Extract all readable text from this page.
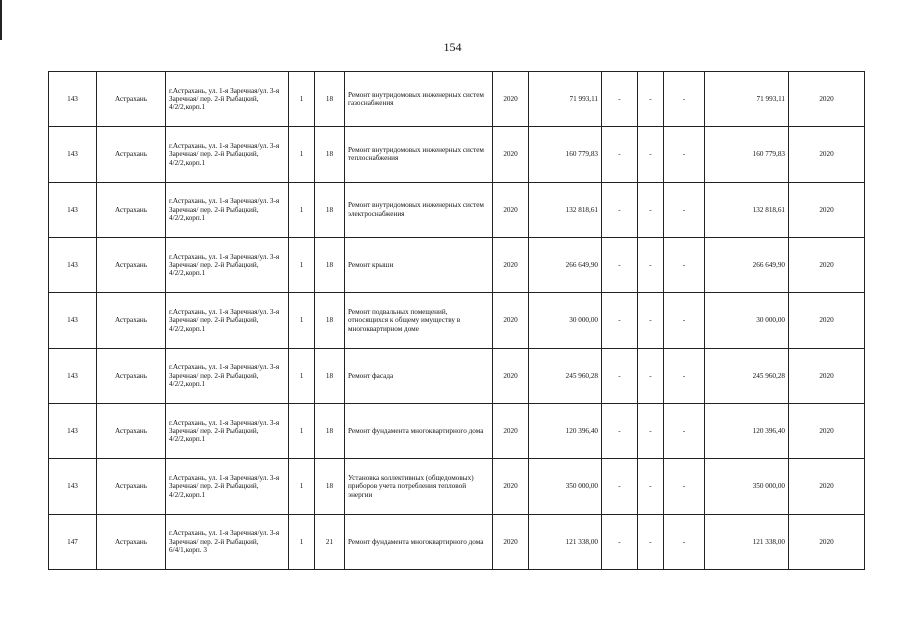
154
143	Астрахань	г.Астрахань, ул. 1-я Заречная/ул. 3-я Заречная/ пер. 2-й Рыбацкий, 4/2/2,корп.1	1	18	Ремонт внутридомовых инженерных систем газоснабжения	2020	71 993,11	-	-	-	71 993,11	2020
143	Астрахань	г.Астрахань, ул. 1-я Заречная/ул. 3-я Заречная/ пер. 2-й Рыбацкий, 4/2/2,корп.1	1	18	Ремонт внутридомовых инженерных систем теплоснабжения	2020	160 779,83	-	-	-	160 779,83	2020
143	Астрахань	г.Астрахань, ул. 1-я Заречная/ул. 3-я Заречная/ пер. 2-й Рыбацкий, 4/2/2,корп.1	1	18	Ремонт внутридомовых инженерных систем электроснабжения	2020	132 818,61	-	-	-	132 818,61	2020
143	Астрахань	г.Астрахань, ул. 1-я Заречная/ул. 3-я Заречная/ пер. 2-й Рыбацкий, 4/2/2,корп.1	1	18	Ремонт крыши	2020	266 649,90	-	-	-	266 649,90	2020
143	Астрахань	г.Астрахань, ул. 1-я Заречная/ул. 3-я Заречная/ пер. 2-й Рыбацкий, 4/2/2,корп.1	1	18	Ремонт подвальных помещений, относящихся к общему имуществу в многоквартирном доме	2020	30 000,00	-	-	-	30 000,00	2020
143	Астрахань	г.Астрахань, ул. 1-я Заречная/ул. 3-я Заречная/ пер. 2-й Рыбацкий, 4/2/2,корп.1	1	18	Ремонт фасада	2020	245 960,28	-	-	-	245 960,28	2020
143	Астрахань	г.Астрахань, ул. 1-я Заречная/ул. 3-я Заречная/ пер. 2-й Рыбацкий, 4/2/2,корп.1	1	18	Ремонт фундамента многоквартирного дома	2020	120 396,40	-	-	-	120 396,40	2020
143	Астрахань	г.Астрахань, ул. 1-я Заречная/ул. 3-я Заречная/ пер. 2-й Рыбацкий, 4/2/2,корп.1	1	18	Установка коллективных (общедомовых) приборов учета потребления тепловой энергии	2020	350 000,00	-	-	-	350 000,00	2020
147	Астрахань	г.Астрахань, ул. 1-я Заречная/ул. 3-я Заречная/ пер. 2-й Рыбацкий, 6/4/1,корп. 3	1	21	Ремонт фундамента многоквартирного дома	2020	121 338,00	-	-	-	121 338,00	2020
